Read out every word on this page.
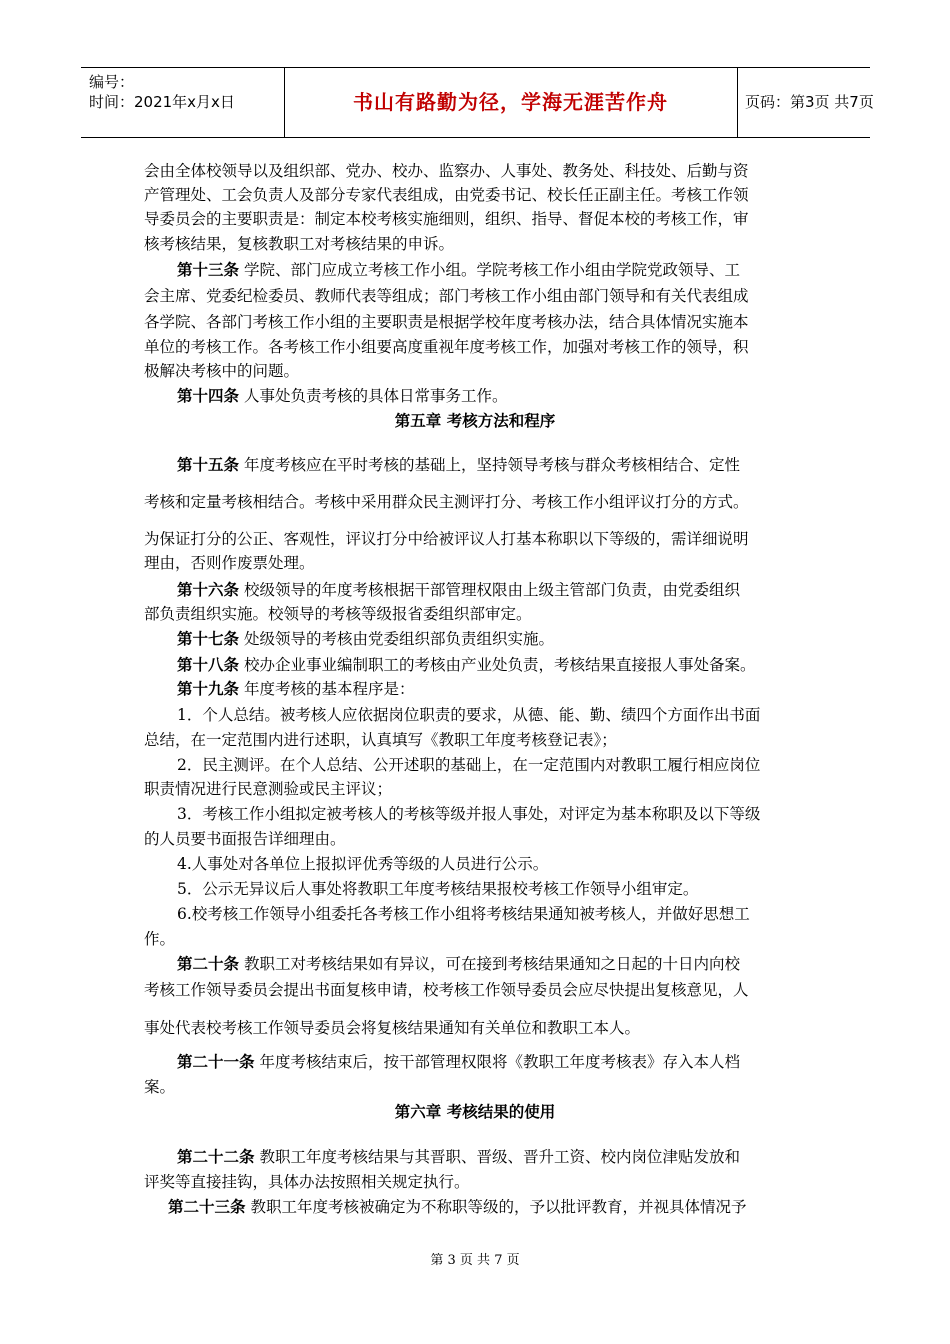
编号：
时间：2021年x月x日	书山有路勤为径，学海无涯苦作舟	页码：第3页 共7页
会由全体校领导以及组织部、党办、校办、监察办、人事处、教务处、科技处、后勤与资
产管理处、工会负责人及部分专家代表组成，由党委书记、校长任正副主任。考核工作领
导委员会的主要职责是：制定本校考核实施细则，组织、指导、督促本校的考核工作，审
核考核结果，复核教职工对考核结果的申诉。
第十三条 学院、部门应成立考核工作小组。学院考核工作小组由学院党政领导、工
会主席、党委纪检委员、教师代表等组成；部门考核工作小组由部门领导和有关代表组成
各学院、各部门考核工作小组的主要职责是根据学校年度考核办法，结合具体情况实施本
单位的考核工作。各考核工作小组要高度重视年度考核工作，加强对考核工作的领导，积
极解决考核中的问题。
第十四条 人事处负责考核的具体日常事务工作。
第五章 考核方法和程序
第十五条 年度考核应在平时考核的基础上，坚持领导考核与群众考核相结合、定性
考核和定量考核相结合。考核中采用群众民主测评打分、考核工作小组评议打分的方式。
为保证打分的公正、客观性，评议打分中给被评议人打基本称职以下等级的，需详细说明
理由，否则作废票处理。
第十六条 校级领导的年度考核根据干部管理权限由上级主管部门负责，由党委组织
部负责组织实施。校领导的考核等级报省委组织部审定。
第十七条 处级领导的考核由党委组织部负责组织实施。
第十八条 校办企业事业编制职工的考核由产业处负责，考核结果直接报人事处备案。
第十九条 年度考核的基本程序是：
1．个人总结。被考核人应依据岗位职责的要求，从德、能、勤、绩四个方面作出书面
总结，在一定范围内进行述职，认真填写《教职工年度考核登记表》；
2．民主测评。在个人总结、公开述职的基础上，在一定范围内对教职工履行相应岗位
职责情况进行民意测验或民主评议；
3．考核工作小组拟定被考核人的考核等级并报人事处，对评定为基本称职及以下等级
的人员要书面报告详细理由。
4.人事处对各单位上报拟评优秀等级的人员进行公示。
5．公示无异议后人事处将教职工年度考核结果报校考核工作领导小组审定。
6.校考核工作领导小组委托各考核工作小组将考核结果通知被考核人，并做好思想工
作。
第二十条 教职工对考核结果如有异议，可在接到考核结果通知之日起的十日内向校
考核工作领导委员会提出书面复核申请，校考核工作领导委员会应尽快提出复核意见，人
事处代表校考核工作领导委员会将复核结果通知有关单位和教职工本人。
第二十一条 年度考核结束后，按干部管理权限将《教职工年度考核表》存入本人档
案。
第六章 考核结果的使用
第二十二条 教职工年度考核结果与其晋职、晋级、晋升工资、校内岗位津贴发放和
评奖等直接挂钩，具体办法按照相关规定执行。
第二十三条 教职工年度考核被确定为不称职等级的，予以批评教育，并视具体情况予
第 3 页 共 7 页
